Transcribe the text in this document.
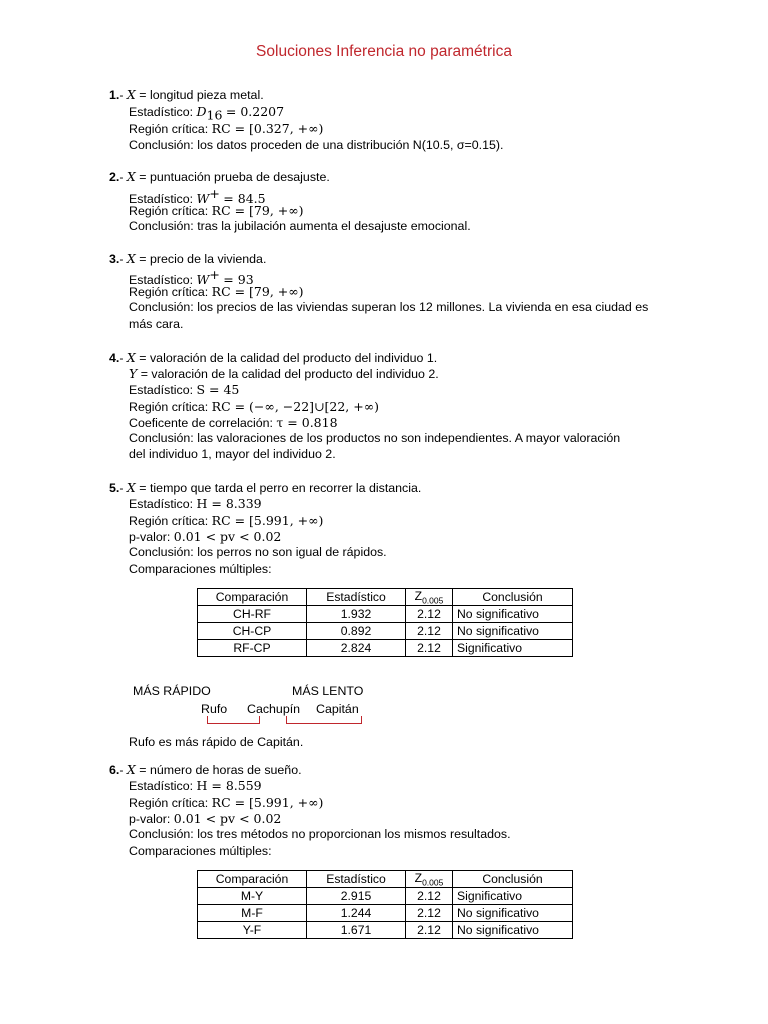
Soluciones Inferencia no paramétrica
1.- X = longitud pieza metal.
Estadístico: $D_{16} = 0.2207$
Región crítica: RC = [0.327, +∞)
Conclusión: los datos proceden de una distribución N(10.5, σ=0.15).
2.- X = puntuación prueba de desajuste.
Estadístico: W+ = 84.5
Región crítica: RC = [79, +∞)
Conclusión: tras la jubilación aumenta el desajuste emocional.
3.- X = precio de la vivienda.
Estadístico: W+ = 93
Región crítica: RC = [79, +∞)
Conclusión: los precios de las viviendas superan los 12 millones. La vivienda en esa ciudad es
más cara.
4.- X = valoración de la calidad del producto del individuo 1.
Y = valoración de la calidad del producto del individuo 2.
Estadístico: S = 45
Región crítica: RC = (−∞, −22]∪[22, +∞)
Coeficente de correlación: τ = 0.818
Conclusión: las valoraciones de los productos no son independientes. A mayor valoración
del individuo 1, mayor del individuo 2.
5.- X = tiempo que tarda el perro en recorrer la distancia.
Estadístico: H = 8.339
Región crítica: RC = [5.991, +∞)
p-valor: 0.01 < pv < 0.02
Conclusión: los perros no son igual de rápidos.
Comparaciones múltiples:
Comparación	Estadístico	$Z_{0.005}$	Conclusión
CH-RF	1.932	2.12	No significativo
CH-CP	0.892	2.12	No significativo
RF-CP	2.824	2.12	Significativo
MÁS RÁPIDO	MÁS LENTO
Rufo Cachupín Capitán
Rufo es más rápido de Capitán.
6.- X = número de horas de sueño.
Estadístico: H = 8.559
Región crítica: RC = [5.991, +∞)
p-valor: 0.01 < pv < 0.02
Conclusión: los tres métodos no proporcionan los mismos resultados.
Comparaciones múltiples:
Comparación	Estadístico	$Z_{0.005}$	Conclusión
M-Y	2.915	2.12	Significativo
M-F	1.244	2.12	No significativo
Y-F	1.671	2.12	No significativo
